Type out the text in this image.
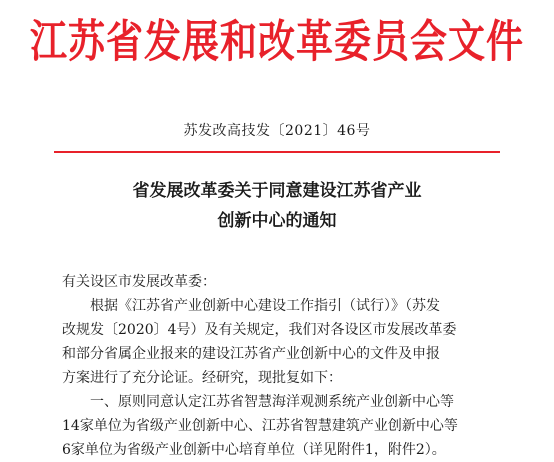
江苏省发展和改革委员会文件
苏发改高技发〔2021〕46号
省发展改革委关于同意建设江苏省产业
创新中心的通知
有关设区市发展改革委：
根据《江苏省产业创新中心建设工作指引（试行）》（苏发
改规发〔2020〕4号）及有关规定，我们对各设区市发展改革委
和部分省属企业报来的建设江苏省产业创新中心的文件及申报
方案进行了充分论证。经研究，现批复如下：
一、原则同意认定江苏省智慧海洋观测系统产业创新中心等
14家单位为省级产业创新中心、江苏省智慧建筑产业创新中心等
6家单位为省级产业创新中心培育单位（详见附件1，附件2）。
